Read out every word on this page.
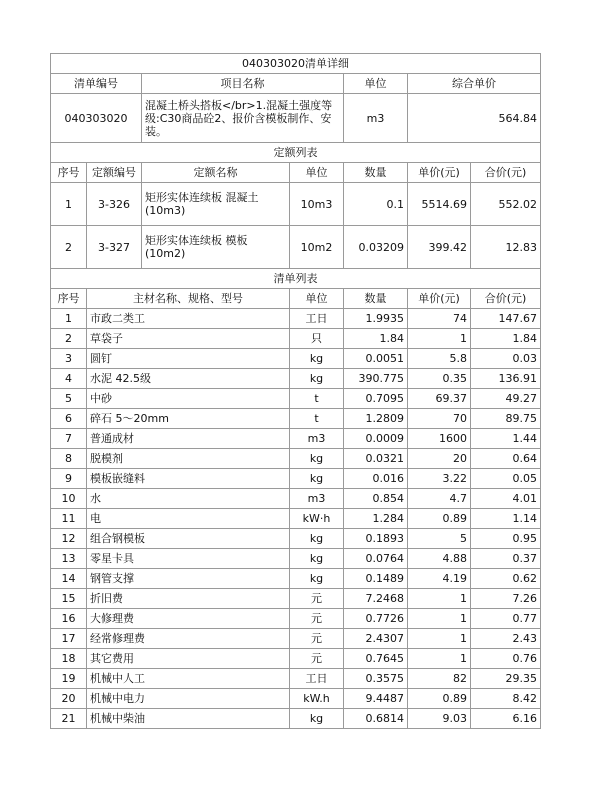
040303020清单详细						
清单编号		项目名称		单位	综合单价	
040303020		混凝土桥头搭板</br>1.混凝土强度等级:C30商品砼2、报价含模板制作、安装。		m3	564.84	
定额列表						
序号	定额编号	定额名称	单位	数量	单价(元)	合价(元)
1	3-326	矩形实体连续板 混凝土(10m3)	10m3	0.1	5514.69	552.02
2	3-327	矩形实体连续板 模板(10m2)	10m2	0.03209	399.42	12.83
清单列表						
序号	主材名称、规格、型号		单位	数量	单价(元)	合价(元)
1	市政二类工		工日	1.9935	74	147.67
2	草袋子		只	1.84	1	1.84
3	圆钉		kg	0.0051	5.8	0.03
4	水泥 42.5级		kg	390.775	0.35	136.91
5	中砂		t	0.7095	69.37	49.27
6	碎石 5～20mm		t	1.2809	70	89.75
7	普通成材		m3	0.0009	1600	1.44
8	脱模剂		kg	0.0321	20	0.64
9	模板嵌缝料		kg	0.016	3.22	0.05
10	水		m3	0.854	4.7	4.01
11	电		kW·h	1.284	0.89	1.14
12	组合钢模板		kg	0.1893	5	0.95
13	零星卡具		kg	0.0764	4.88	0.37
14	钢管支撑		kg	0.1489	4.19	0.62
15	折旧费		元	7.2468	1	7.26
16	大修理费		元	0.7726	1	0.77
17	经常修理费		元	2.4307	1	2.43
18	其它费用		元	0.7645	1	0.76
19	机械中人工		工日	0.3575	82	29.35
20	机械中电力		kW.h	9.4487	0.89	8.42
21	机械中柴油		kg	0.6814	9.03	6.16
